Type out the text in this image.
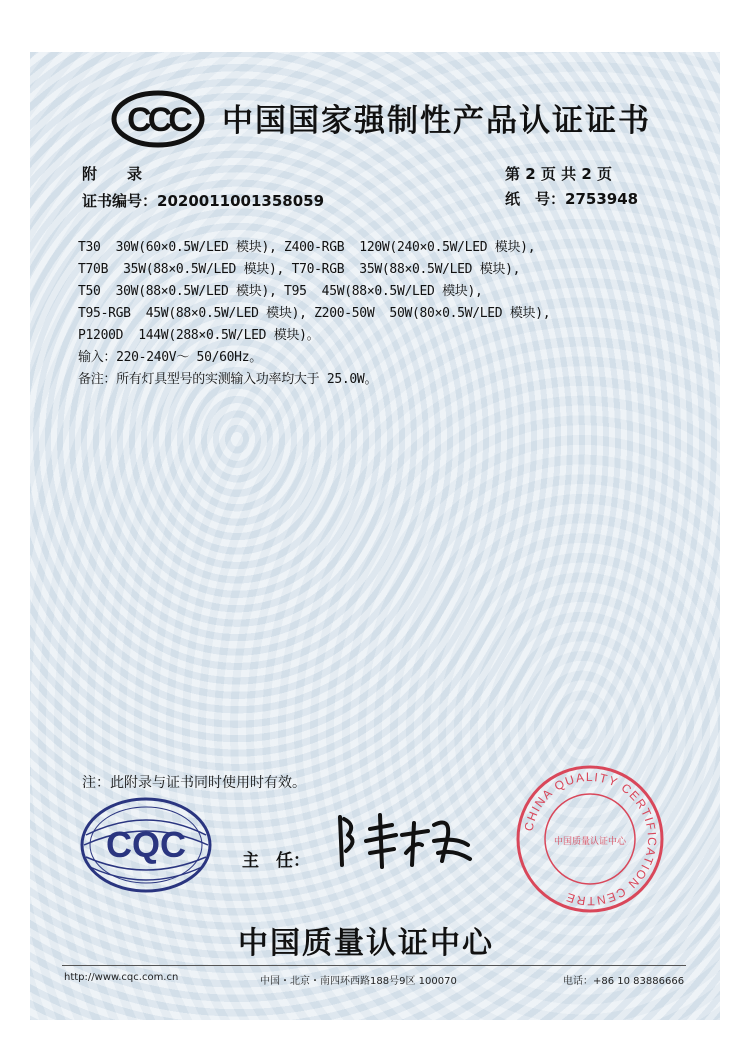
CCC 中国国家强制性产品认证证书
附　　录	第 2 页 共 2 页
证书编号：2020011001358059	纸　号：2753948
T30  30W(60×0.5W/LED 模块), Z400-RGB  120W(240×0.5W/LED 模块),
T70B  35W(88×0.5W/LED 模块), T70-RGB  35W(88×0.5W/LED 模块),
T50  30W(88×0.5W/LED 模块), T95  45W(88×0.5W/LED 模块),
T95-RGB  45W(88×0.5W/LED 模块), Z200-50W  50W(80×0.5W/LED 模块),
P1200D  144W(288×0.5W/LED 模块)。
输入：220-240V～ 50/60Hz。
备注：所有灯具型号的实测输入功率均大于 25.0W。
注：此附录与证书同时使用时有效。
CQC	主　任：
CHINA QUALITY CERTIFICATION CENTRE
中国质量认证中心
中国质量认证中心
http://www.cqc.com.cn	中国・北京・南四环西路188号9区 100070	电话：+86 10 83886666
